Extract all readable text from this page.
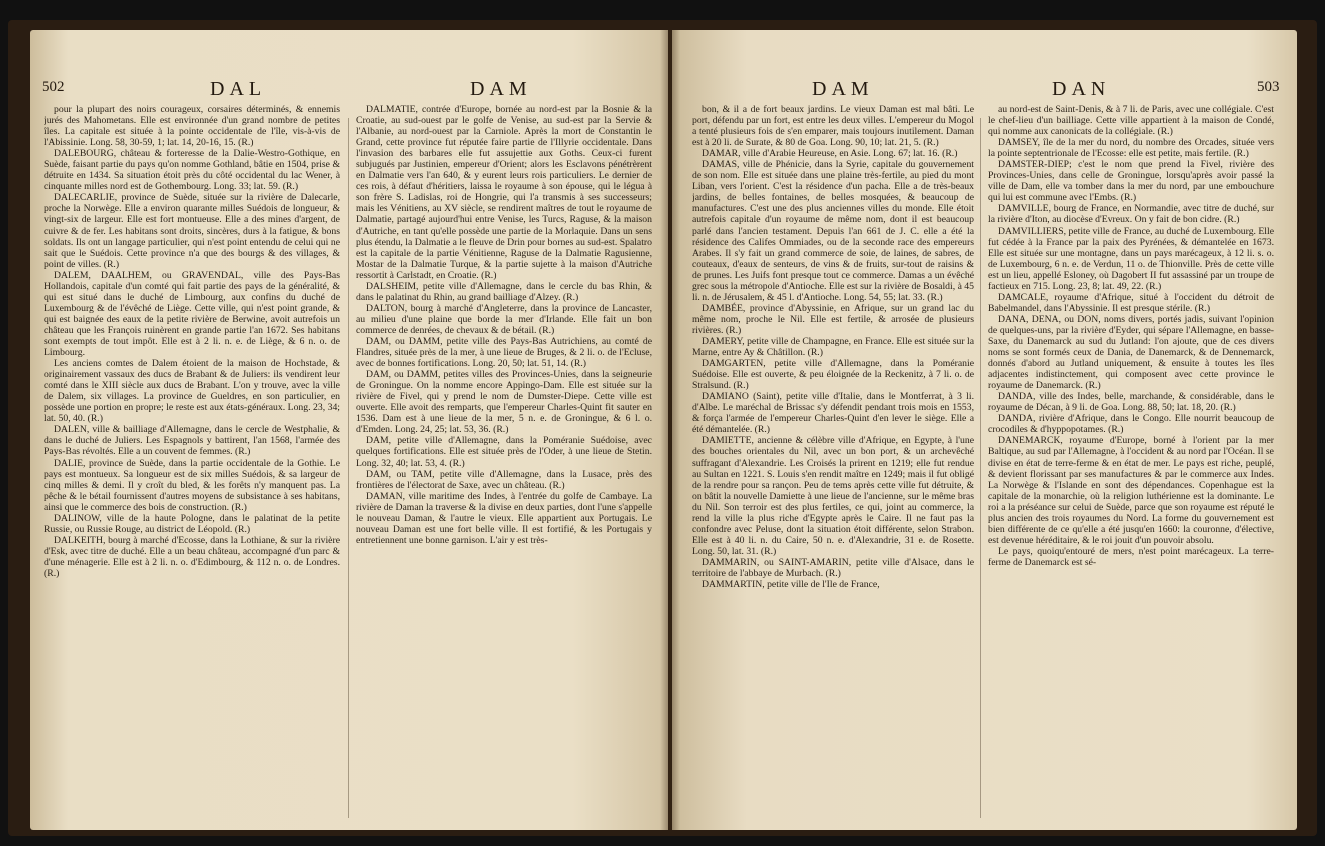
502	DAL	DAM

pour la plupart des noirs courageux, corsaires déterminés, & ennemis jurés des Mahometans. Elle est environnée d'un grand nombre de petites îles. La capitale est située à la pointe occidentale de l'île, vis-à-vis de l'Abissinie. Long. 58, 30-59, 1; lat. 14, 20-16, 15. (R.)

DALEBOURG, château & forteresse de la Dalie-Westro-Gothique, en Suède, faisant partie du pays qu'on nomme Gothland, bâtie en 1504, prise & détruite en 1434. Sa situation étoit près du côté occidental du lac Wener, à cinquante milles nord est de Gothembourg. Long. 33; lat. 59. (R.)

DALECARLIE, province de Suède, située sur la rivière de Dalecarle, proche la Norwège. Elle a environ quarante milles Suédois de longueur, & vingt-six de largeur. Elle est fort montueuse. Elle a des mines d'argent, de cuivre & de fer. Les habitans sont droits, sincères, durs à la fatigue, & bons soldats. Ils ont un langage particulier, qui n'est point entendu de celui qui ne sait que le Suédois. Cette province n'a que des bourgs & des villages, & point de villes. (R.)

DALEM, DAALHEM, ou GRAVENDAL, ville des Pays-Bas Hollandois, capitale d'un comté qui fait partie des pays de la généralité, & qui est situé dans le duché de Limbourg, aux confins du duché de Luxembourg & de l'évêché de Liège. Cette ville, qui n'est point grande, & qui est baignée des eaux de la petite rivière de Berwine, avoit autrefois un château que les François ruinèrent en grande partie l'an 1672. Ses habitans sont exempts de tout impôt. Elle est à 2 li. n. e. de Liège, & 6 n. o. de Limbourg.

Les anciens comtes de Dalem étoient de la maison de Hochstade, & originairement vassaux des ducs de Brabant & de Juliers: ils vendirent leur comté dans le XIII siècle aux ducs de Brabant. L'on y trouve, avec la ville de Dalem, six villages. La province de Gueldres, en son particulier, en possède une portion en propre; le reste est aux états-généraux. Long. 23, 34; lat. 50, 40. (R.)

DALEN, ville & bailliage d'Allemagne, dans le cercle de Westphalie, & dans le duché de Juliers. Les Espagnols y battirent, l'an 1568, l'armée des Pays-Bas révoltés. Elle a un couvent de femmes. (R.)

DALIE, province de Suède, dans la partie occidentale de la Gothie. Le pays est montueux. Sa longueur est de six milles Suédois, & sa largeur de cinq milles & demi. Il y croît du bled, & les forêts n'y manquent pas. La pêche & le bétail fournissent d'autres moyens de subsistance à ses habitans, ainsi que le commerce des bois de construction. (R.)

DALINOW, ville de la haute Pologne, dans le palatinat de la petite Russie, ou Russie Rouge, au district de Léopold. (R.)

DALKEITH, bourg à marché d'Ecosse, dans la Lothiane, & sur la rivière d'Esk, avec titre de duché. Elle a un beau château, accompagné d'un parc & d'une ménagerie. Elle est à 2 li. n. o. d'Edimbourg, & 112 n. o. de Londres. (R.)

DALMATIE, contrée d'Europe, bornée au nord-est par la Bosnie & la Croatie, au sud-ouest par le golfe de Venise, au sud-est par la Servie & l'Albanie, au nord-ouest par la Carniole. Après la mort de Constantin le Grand, cette province fut réputée faire partie de l'Illyrie occidentale. Dans l'invasion des barbares elle fut assujettie aux Goths. Ceux-ci furent subjugués par Justinien, empereur d'Orient; alors les Esclavons pénétrèrent en Dalmatie vers l'an 640, & y eurent leurs rois particuliers. Le dernier de ces rois, à défaut d'héritiers, laissa le royaume à son épouse, qui le légua à son frère S. Ladislas, roi de Hongrie, qui l'a transmis à ses successeurs; mais les Vénitiens, au XV siècle, se rendirent maîtres de tout le royaume de Dalmatie, partagé aujourd'hui entre Venise, les Turcs, Raguse, & la maison d'Autriche, en tant qu'elle possède une partie de la Morlaquie. Dans un sens plus étendu, la Dalmatie a le fleuve de Drin pour bornes au sud-est. Spalatro est la capitale de la partie Vénitienne, Raguse de la Dalmatie Ragusienne, Mostar de la Dalmatie Turque, & la partie sujette à la maison d'Autriche ressortit à Carlstadt, en Croatie. (R.)

DALSHEIM, petite ville d'Allemagne, dans le cercle du bas Rhin, & dans le palatinat du Rhin, au grand bailliage d'Alzey. (R.)

DALTON, bourg à marché d'Angleterre, dans la province de Lancaster, au milieu d'une plaine que borde la mer d'Irlande. Elle fait un bon commerce de denrées, de chevaux & de bétail. (R.)

DAM, ou DAMM, petite ville des Pays-Bas Autrichiens, au comté de Flandres, située près de la mer, à une lieue de Bruges, & 2 li. o. de l'Ecluse, avec de bonnes fortifications. Long. 20, 50; lat. 51, 14. (R.)

DAM, ou DAMM, petites villes des Provinces-Unies, dans la seigneurie de Groningue. On la nomme encore Appingo-Dam. Elle est située sur la rivière de Fivel, qui y prend le nom de Dumster-Diepe. Cette ville est ouverte. Elle avoit des remparts, que l'empereur Charles-Quint fit sauter en 1536. Dam est à une lieue de la mer, 5 n. e. de Groningue, & 6 l. o. d'Emden. Long. 24, 25; lat. 53, 36. (R.)

DAM, petite ville d'Allemagne, dans la Poméranie Suédoise, avec quelques fortifications. Elle est située près de l'Oder, à une lieue de Stetin. Long. 32, 40; lat. 53, 4. (R.)

DAM, ou TAM, petite ville d'Allemagne, dans la Lusace, près des frontières de l'électorat de Saxe, avec un château. (R.)

DAMAN, ville maritime des Indes, à l'entrée du golfe de Cambaye. La rivière de Daman la traverse & la divise en deux parties, dont l'une s'appelle le nouveau Daman, & l'autre le vieux. Elle appartient aux Portugais. Le nouveau Daman est une fort belle ville. Il est fortifié, & les Portugais y entretiennent une bonne garnison. L'air y est très-

DAM	DAN	503

bon, & il a de fort beaux jardins. Le vieux Daman est mal bâti. Le port, défendu par un fort, est entre les deux villes. L'empereur du Mogol a tenté plusieurs fois de s'en emparer, mais toujours inutilement. Daman est à 20 li. de Surate, & 80 de Goa. Long. 90, 10; lat. 21, 5. (R.)

DAMAR, ville d'Arabie Heureuse, en Asie. Long. 67; lat. 16. (R.)

DAMAS, ville de Phénicie, dans la Syrie, capitale du gouvernement de son nom. Elle est située dans une plaine très-fertile, au pied du mont Liban, vers l'orient. C'est la résidence d'un pacha. Elle a de très-beaux jardins, de belles fontaines, de belles mosquées, & beaucoup de manufactures. C'est une des plus anciennes villes du monde. Elle étoit autrefois capitale d'un royaume de même nom, dont il est beaucoup parlé dans l'ancien testament. Depuis l'an 661 de J. C. elle a été la résidence des Califes Ommiades, ou de la seconde race des empereurs Arabes. Il s'y fait un grand commerce de soie, de laines, de sabres, de couteaux, d'eaux de senteurs, de vins & de fruits, sur-tout de raisins & de prunes. Les Juifs font presque tout ce commerce. Damas a un évêché grec sous la métropole d'Antioche. Elle est sur la rivière de Bosaldi, à 45 li. n. de Jérusalem, & 45 l. d'Antioche. Long. 54, 55; lat. 33. (R.)

DAMBÉE, province d'Abyssinie, en Afrique, sur un grand lac du même nom, proche le Nil. Elle est fertile, & arrosée de plusieurs rivières. (R.)

DAMERY, petite ville de Champagne, en France. Elle est située sur la Marne, entre Ay & Châtillon. (R.)

DAMGARTEN, petite ville d'Allemagne, dans la Poméranie Suédoise. Elle est ouverte, & peu éloignée de la Reckenitz, à 7 li. o. de Stralsund. (R.)

DAMIANO (Saint), petite ville d'Italie, dans le Montferrat, à 3 li. d'Albe. Le maréchal de Brissac s'y défendit pendant trois mois en 1553, & força l'armée de l'empereur Charles-Quint d'en lever le siège. Elle a été démantelée. (R.)

DAMIETTE, ancienne & célèbre ville d'Afrique, en Egypte, à l'une des bouches orientales du Nil, avec un bon port, & un archevêché suffragant d'Alexandrie. Les Croisés la prirent en 1219; elle fut rendue au Sultan en 1221. S. Louis s'en rendit maître en 1249; mais il fut obligé de la rendre pour sa rançon. Peu de tems après cette ville fut détruite, & on bâtit la nouvelle Damiette à une lieue de l'ancienne, sur le même bras du Nil. Son terroir est des plus fertiles, ce qui, joint au commerce, la rend la ville la plus riche d'Egypte après le Caire. Il ne faut pas la confondre avec Peluse, dont la situation étoit différente, selon Strabon. Elle est à 40 li. n. du Caire, 50 n. e. d'Alexandrie, 31 e. de Rosette. Long. 50, lat. 31. (R.)

DAMMARIN, ou SAINT-AMARIN, petite ville d'Alsace, dans le territoire de l'abbaye de Murbach. (R.)

DAMMARTIN, petite ville de l'Ile de France,

au nord-est de Saint-Denis, & à 7 li. de Paris, avec une collégiale. C'est le chef-lieu d'un bailliage. Cette ville appartient à la maison de Condé, qui nomme aux canonicats de la collégiale. (R.)

DAMSEY, île de la mer du nord, du nombre des Orcades, située vers la pointe septentrionale de l'Ecosse: elle est petite, mais fertile. (R.)

DAMSTER-DIEP; c'est le nom que prend la Fivel, rivière des Provinces-Unies, dans celle de Groningue, lorsqu'après avoir passé la ville de Dam, elle va tomber dans la mer du nord, par une embouchure qui lui est commune avec l'Embs. (R.)

DAMVILLE, bourg de France, en Normandie, avec titre de duché, sur la rivière d'Iton, au diocèse d'Evreux. On y fait de bon cidre. (R.)

DAMVILLIERS, petite ville de France, au duché de Luxembourg. Elle fut cédée à la France par la paix des Pyrénées, & démantelée en 1673. Elle est située sur une montagne, dans un pays marécageux, à 12 li. s. o. de Luxembourg, 6 n. e. de Verdun, 11 o. de Thionville. Près de cette ville est un lieu, appellé Esloney, où Dagobert II fut assassiné par un troupe de factieux en 715. Long. 23, 8; lat. 49, 22. (R.)

DAMCALE, royaume d'Afrique, situé à l'occident du détroit de Babelmandel, dans l'Abyssinie. Il est presque stérile. (R.)

DANA, DENA, ou DON, noms divers, portés jadis, suivant l'opinion de quelques-uns, par la rivière d'Eyder, qui sépare l'Allemagne, en basse-Saxe, du Danemarck au sud du Jutland: l'on ajoute, que de ces divers noms se sont formés ceux de Dania, de Danemarck, & de Dennemarck, donnés d'abord au Jutland uniquement, & ensuite à toutes les îles adjacentes indistinctement, qui composent avec cette province le royaume de Danemarck. (R.)

DANDA, ville des Indes, belle, marchande, & considérable, dans le royaume de Décan, à 9 li. de Goa. Long. 88, 50; lat. 18, 20. (R.)

DANDA, rivière d'Afrique, dans le Congo. Elle nourrit beaucoup de crocodiles & d'hyppopotames. (R.)

DANEMARCK, royaume d'Europe, borné à l'orient par la mer Baltique, au sud par l'Allemagne, à l'occident & au nord par l'Océan. Il se divise en état de terre-ferme & en état de mer. Le pays est riche, peuplé, & devient florissant par ses manufactures & par le commerce aux Indes. La Norwège & l'Islande en sont des dépendances. Copenhague est la capitale de la monarchie, où la religion luthérienne est la dominante. Le roi a la préséance sur celui de Suède, parce que son royaume est réputé le plus ancien des trois royaumes du Nord. La forme du gouvernement est bien différente de ce qu'elle a été jusqu'en 1660: la couronne, d'élective, est devenue héréditaire, & le roi jouit d'un pouvoir absolu.

Le pays, quoiqu'entouré de mers, n'est point marécageux. La terre-ferme de Danemarck est sé-
